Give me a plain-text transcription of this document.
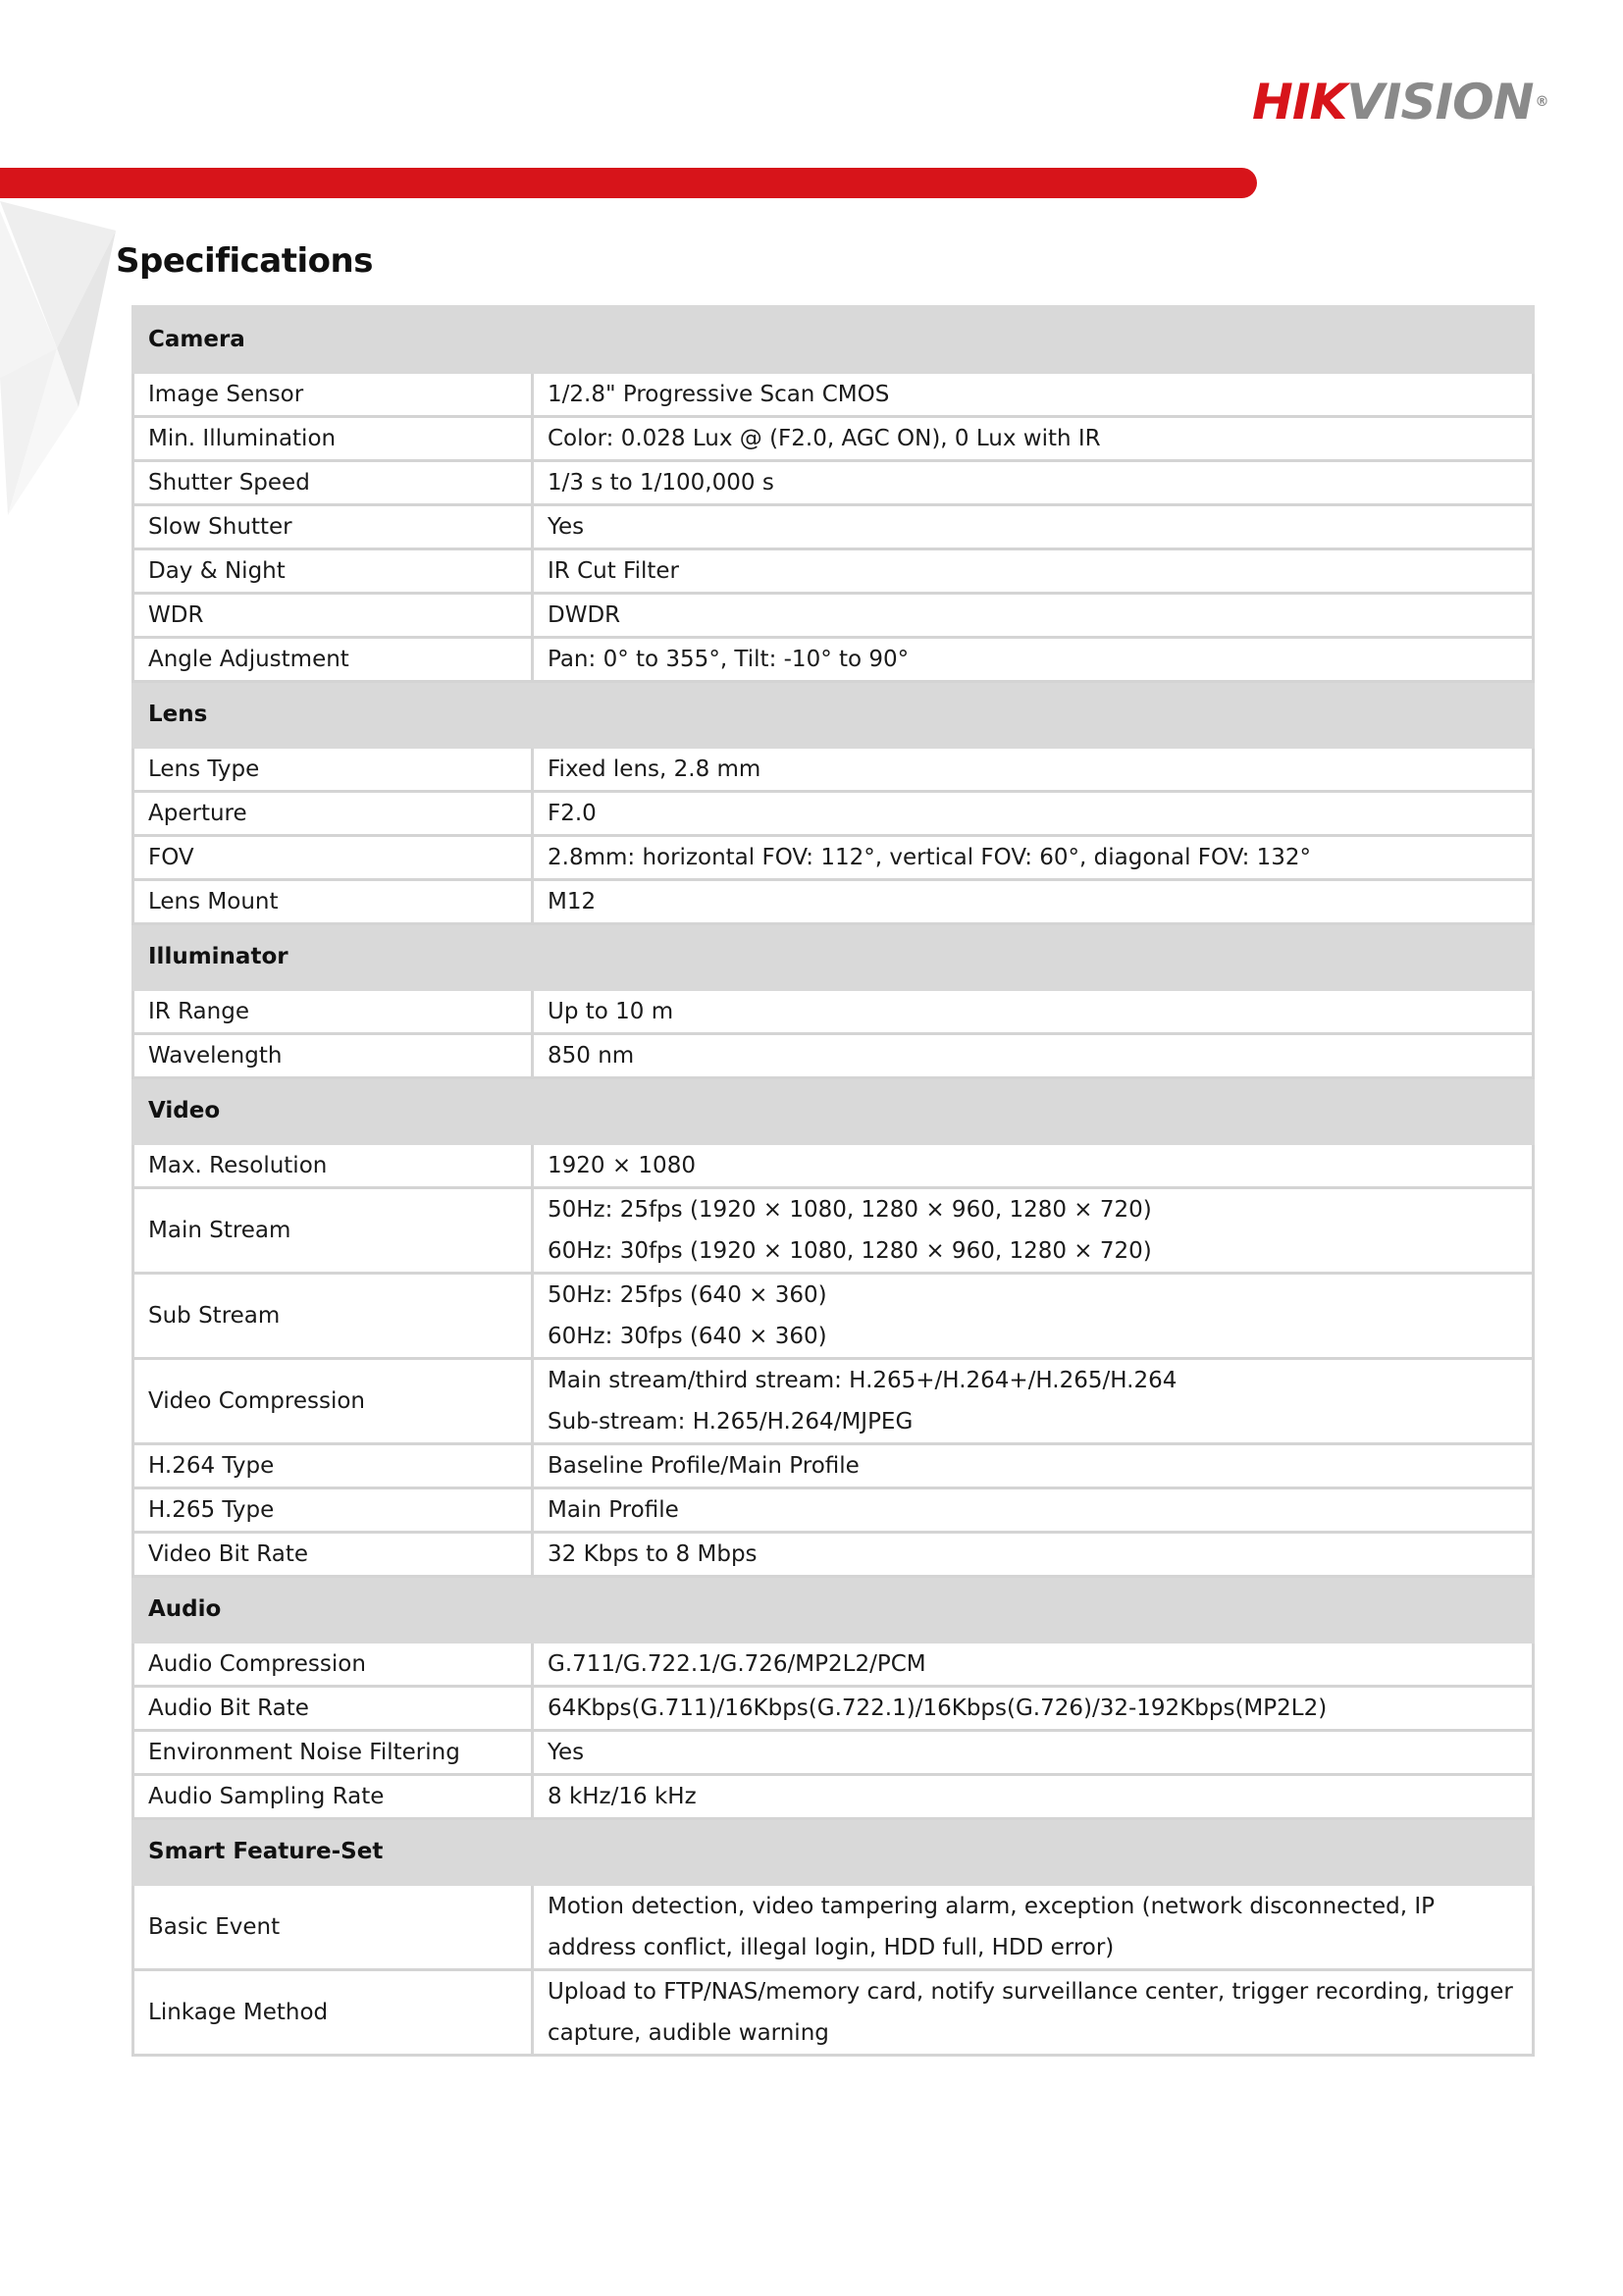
HIKVISION ®
Specifications
Camera	
Image Sensor	1/2.8" Progressive Scan CMOS

Min. Illumination	Color: 0.028 Lux @ (F2.0, AGC ON), 0 Lux with IR

Shutter Speed	1/3 s to 1/100,000 s

Slow Shutter	Yes

Day & Night	IR Cut Filter

WDR	DWDR

Angle Adjustment	Pan: 0° to 355°, Tilt: -10° to 90°

Lens	
Lens Type	Fixed lens, 2.8 mm

Aperture	F2.0

FOV	2.8mm: horizontal FOV: 112°, vertical FOV: 60°, diagonal FOV: 132°

Lens Mount	M12

Illuminator	
IR Range	Up to 10 m

Wavelength	850 nm

Video	
Max. Resolution	1920 × 1080

Main Stream	50Hz: 25fps (1920 × 1080, 1280 × 960, 1280 × 720)
60Hz: 30fps (1920 × 1080, 1280 × 960, 1280 × 720)

Sub Stream	50Hz: 25fps (640 × 360)
60Hz: 30fps (640 × 360)

Video Compression	Main stream/third stream: H.265+/H.264+/H.265/H.264
Sub-stream: H.265/H.264/MJPEG

H.264 Type	Baseline Profile/Main Profile

H.265 Type	Main Profile

Video Bit Rate	32 Kbps to 8 Mbps

Audio	
Audio Compression	G.711/G.722.1/G.726/MP2L2/PCM

Audio Bit Rate	64Kbps(G.711)/16Kbps(G.722.1)/16Kbps(G.726)/32-192Kbps(MP2L2)

Environment Noise Filtering	Yes

Audio Sampling Rate	8 kHz/16 kHz

Smart Feature-Set	
Basic Event	Motion detection, video tampering alarm, exception (network disconnected, IP
address conflict, illegal login, HDD full, HDD error)

Linkage Method	Upload to FTP/NAS/memory card, notify surveillance center, trigger recording, trigger
capture, audible warning
